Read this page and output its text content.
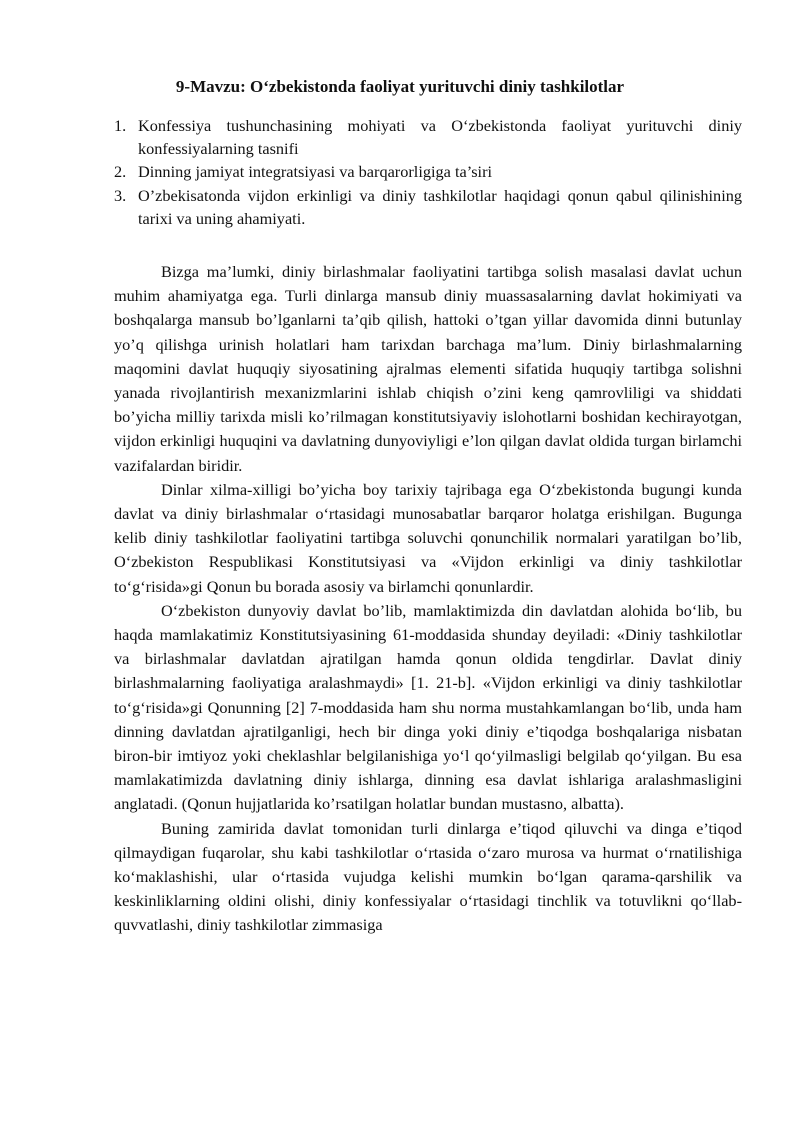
9-Mavzu: O‘zbekistonda faoliyat yurituvchi diniy tashkilotlar
1. Konfessiya tushunchasining mohiyati va O‘zbekistonda faoliyat yurituvchi diniy konfessiyalarning tasnifi
2. Dinning jamiyat integratsiyasi va barqarorligiga ta’siri
3. O’zbekisatonda vijdon erkinligi va diniy tashkilotlar haqidagi qonun qabul qilinishining tarixi va uning ahamiyati.

Bizga ma’lumki, diniy birlashmalar faoliyatini tartibga solish masalasi davlat uchun muhim ahamiyatga ega. Turli dinlarga mansub diniy muassasalarning davlat hokimiyati va boshqalarga mansub bo’lganlarni ta’qib qilish, hattoki o’tgan yillar davomida dinni butunlay yo’q qilishga urinish holatlari ham tarixdan barchaga ma’lum. Diniy birlashmalarning maqomini davlat huquqiy siyosatining ajralmas elementi sifatida huquqiy tartibga solishni yanada rivojlantirish mexanizmlarini ishlab chiqish o’zini keng qamrovliligi va shiddati bo’yicha milliy tarixda misli ko’rilmagan konstitutsiyaviy islohotlarni boshidan kechirayotgan, vijdon erkinligi huquqini va davlatning dunyoviyligi e’lon qilgan davlat oldida turgan birlamchi vazifalardan biridir.

Dinlar xilma-xilligi bo’yicha boy tarixiy tajribaga ega O‘zbekistonda bugungi kunda davlat va diniy birlashmalar o‘rtasidagi munosabatlar barqaror holatga erishilgan. Bugunga kelib diniy tashkilotlar faoliyatini tartibga soluvchi qonunchilik normalari yaratilgan bo’lib, O‘zbekiston Respublikasi Konstitutsiyasi va «Vijdon erkinligi va diniy tashkilotlar to‘g‘risida»gi Qonun bu borada asosiy va birlamchi qonunlardir.

O‘zbekiston dunyoviy davlat bo’lib, mamlaktimizda din davlatdan alohida bo‘lib, bu haqda mamlakatimiz Konstitutsiyasining 61-moddasida shunday deyiladi: «Diniy tashkilotlar va birlashmalar davlatdan ajratilgan hamda qonun oldida tengdirlar. Davlat diniy birlashmalarning faoliyatiga aralashmaydi» [1. 21-b]. «Vijdon erkinligi va diniy tashkilotlar to‘g‘risida»gi Qonunning [2] 7-moddasida ham shu norma mustahkamlangan bo‘lib, unda ham dinning davlatdan ajratilganligi, hech bir dinga yoki diniy e’tiqodga boshqalariga nisbatan biron-bir imtiyoz yoki cheklashlar belgilanishiga yo‘l qo‘yilmasligi belgilab qo‘yilgan. Bu esa mamlakatimizda davlatning diniy ishlarga, dinning esa davlat ishlariga aralashmasligini anglatadi. (Qonun hujjatlarida ko’rsatilgan holatlar bundan mustasno, albatta).

Buning zamirida davlat tomonidan turli dinlarga e’tiqod qiluvchi va dinga e’tiqod qilmaydigan fuqarolar, shu kabi tashkilotlar o‘rtasida o‘zaro murosa va hurmat o‘rnatilishiga ko‘maklashishi, ular o‘rtasida vujudga kelishi mumkin bo‘lgan qarama-qarshilik va keskinliklarning oldini olishi, diniy konfessiyalar o‘rtasidagi tinchlik va totuvlikni qo‘llab-quvvatlashi, diniy tashkilotlar zimmasiga
